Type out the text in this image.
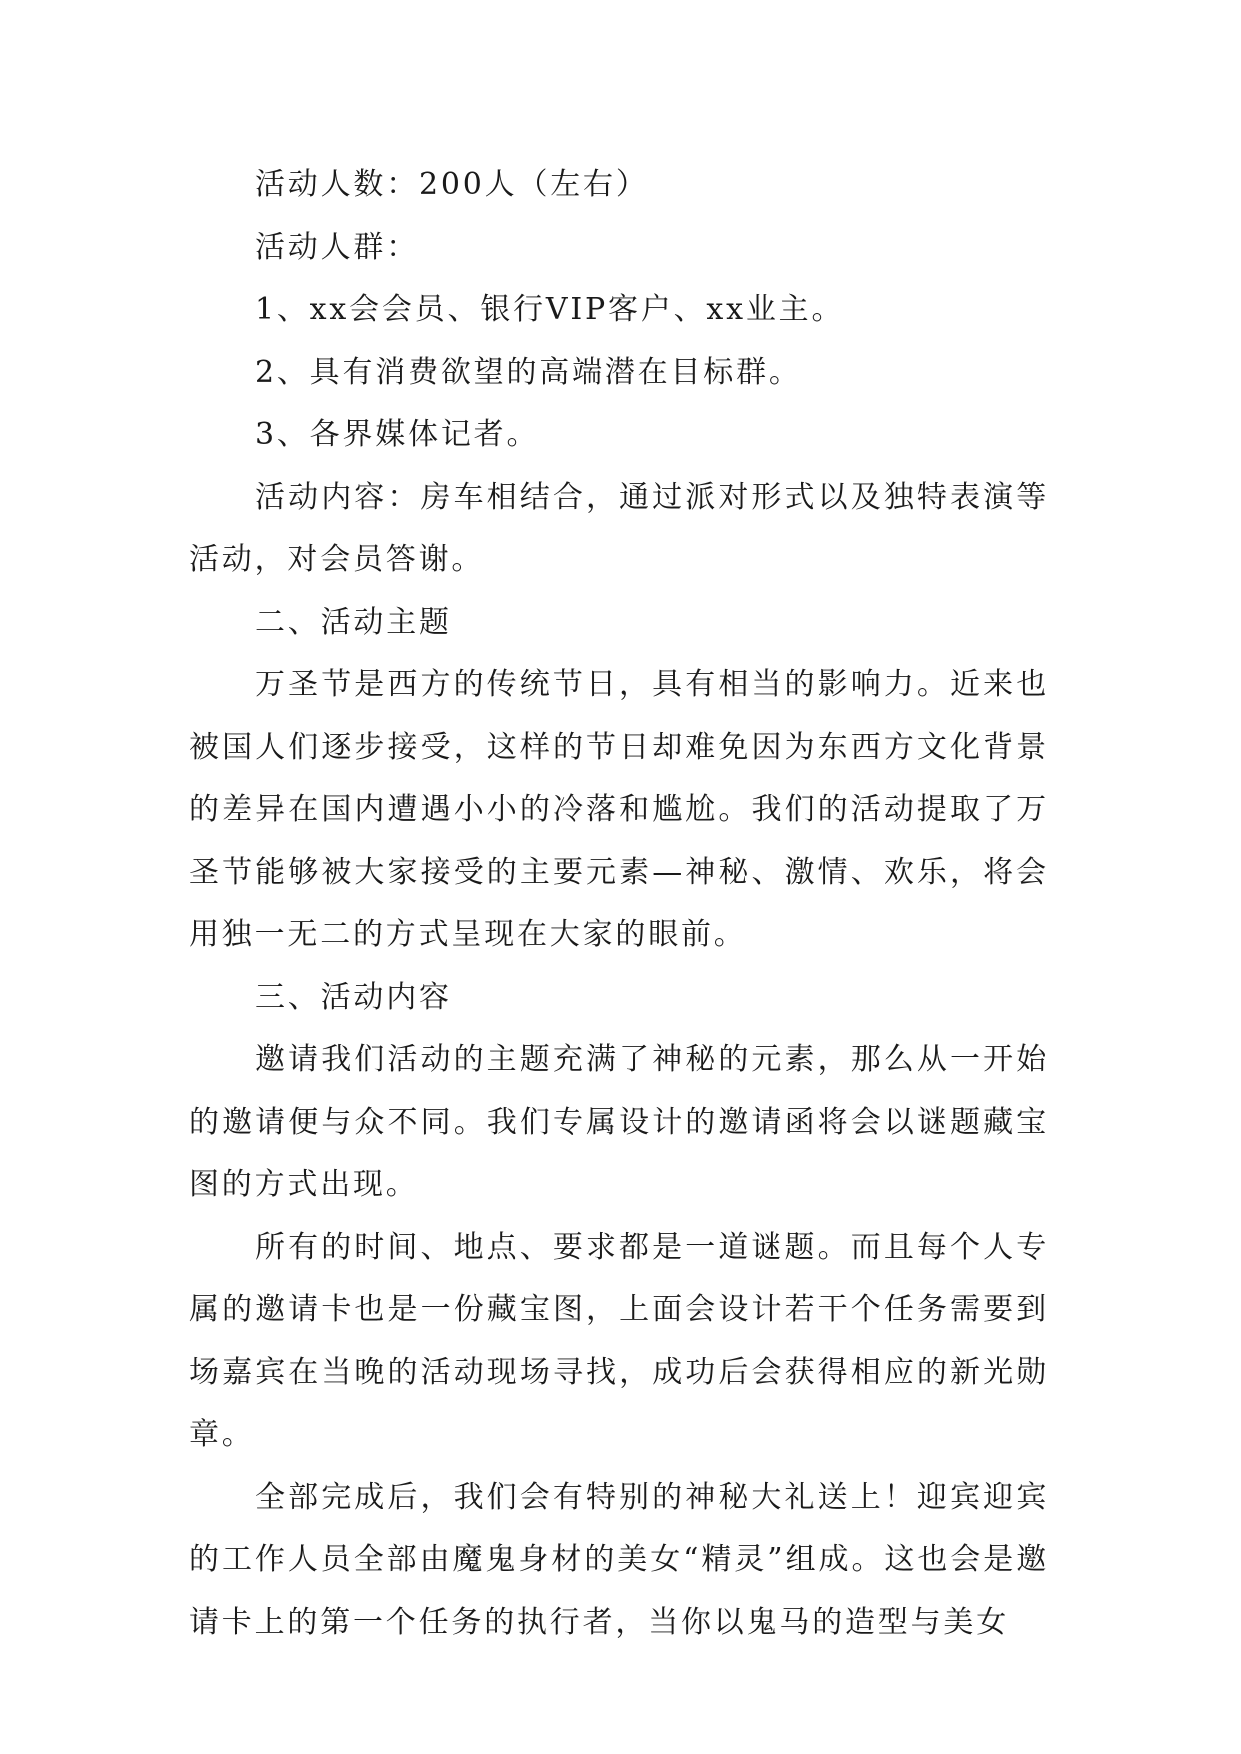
活动人数：200人（左右）

活动人群：

1、xx会会员、银行VIP客户、xx业主。

2、具有消费欲望的高端潜在目标群。

3、各界媒体记者。

活动内容：房车相结合，通过派对形式以及独特表演等活动，对会员答谢。

二、活动主题

万圣节是西方的传统节日，具有相当的影响力。近来也被国人们逐步接受，这样的节日却难免因为东西方文化背景的差异在国内遭遇小小的冷落和尴尬。我们的活动提取了万圣节能够被大家接受的主要元素—神秘、激情、欢乐，将会用独一无二的方式呈现在大家的眼前。

三、活动内容

邀请我们活动的主题充满了神秘的元素，那么从一开始的邀请便与众不同。我们专属设计的邀请函将会以谜题藏宝图的方式出现。

所有的时间、地点、要求都是一道谜题。而且每个人专属的邀请卡也是一份藏宝图，上面会设计若干个任务需要到场嘉宾在当晚的活动现场寻找，成功后会获得相应的新光勋章。

全部完成后，我们会有特别的神秘大礼送上！迎宾迎宾的工作人员全部由魔鬼身材的美女“精灵”组成。这也会是邀请卡上的第一个任务的执行者，当你以鬼马的造型与美女
